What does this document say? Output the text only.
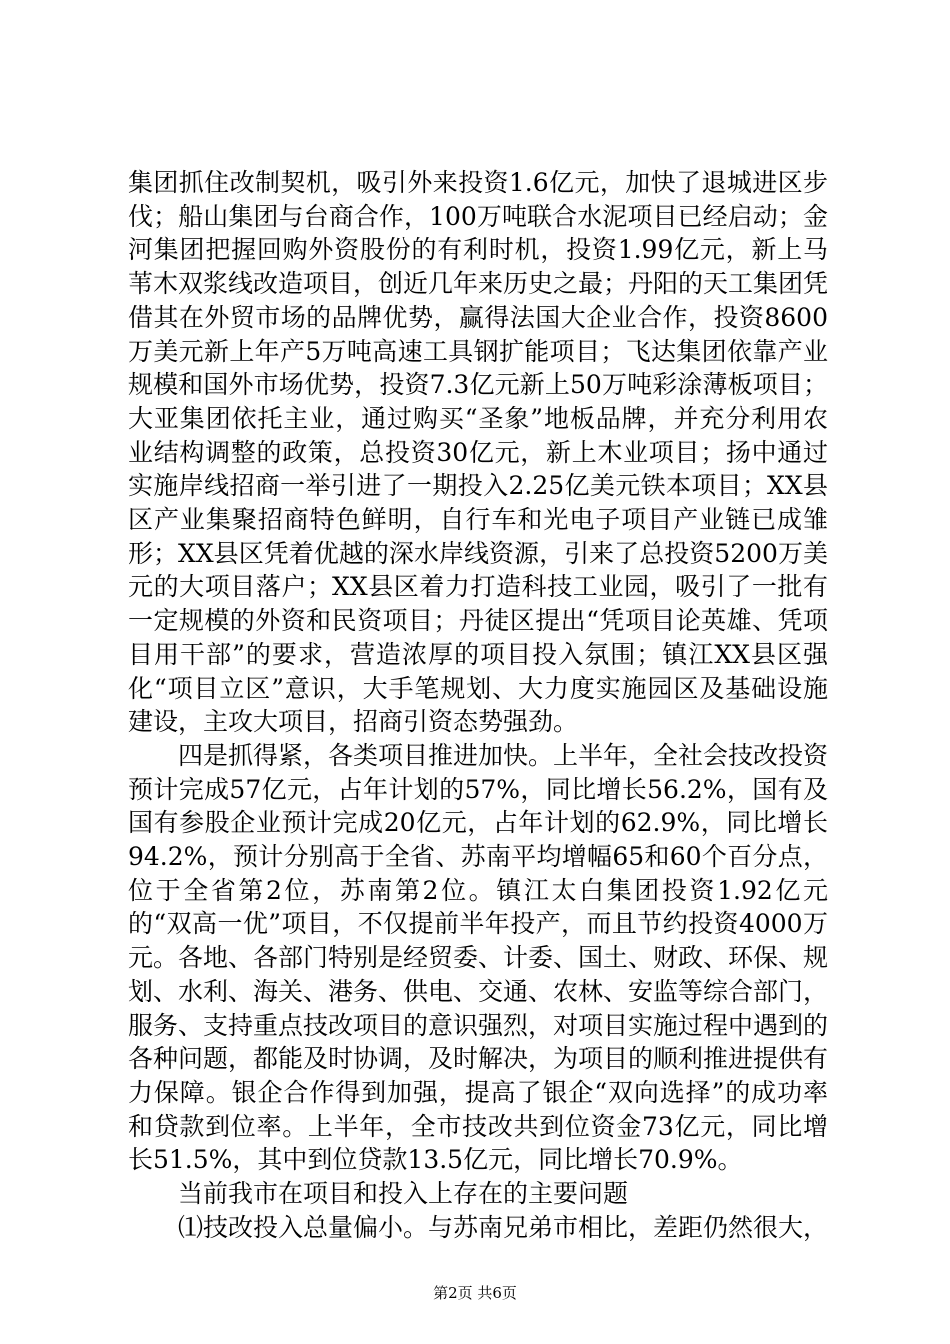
集团抓住改制契机，吸引外来投资1.6亿元，加快了退城进区步伐；船山集团与台商合作，100万吨联合水泥项目已经启动；金河集团把握回购外资股份的有利时机，投资1.99亿元，新上马苇木双浆线改造项目，创近几年来历史之最；丹阳的天工集团凭借其在外贸市场的品牌优势，赢得法国大企业合作，投资8600万美元新上年产5万吨高速工具钢扩能项目；飞达集团依靠产业规模和国外市场优势，投资7.3亿元新上50万吨彩涂薄板项目；大亚集团依托主业，通过购买“圣象”地板品牌，并充分利用农业结构调整的政策，总投资30亿元，新上木业项目；扬中通过实施岸线招商一举引进了一期投入2.25亿美元铁本项目；XX县区产业集聚招商特色鲜明，自行车和光电子项目产业链已成雏形；XX县区凭着优越的深水岸线资源，引来了总投资5200万美元的大项目落户；XX县区着力打造科技工业园，吸引了一批有一定规模的外资和民资项目；丹徒区提出“凭项目论英雄、凭项目用干部”的要求，营造浓厚的项目投入氛围；镇江XX县区强化“项目立区”意识，大手笔规划、大力度实施园区及基础设施建设，主攻大项目，招商引资态势强劲。

四是抓得紧，各类项目推进加快。上半年，全社会技改投资预计完成57亿元，占年计划的57%，同比增长56.2%，国有及国有参股企业预计完成20亿元，占年计划的62.9%，同比增长94.2%，预计分别高于全省、苏南平均增幅65和60个百分点，位于全省第2位，苏南第2位。镇江太白集团投资1.92亿元的“双高一优”项目，不仅提前半年投产，而且节约投资4000万元。各地、各部门特别是经贸委、计委、国土、财政、环保、规划、水利、海关、港务、供电、交通、农林、安监等综合部门，服务、支持重点技改项目的意识强烈，对项目实施过程中遇到的各种问题，都能及时协调，及时解决，为项目的顺利推进提供有力保障。银企合作得到加强，提高了银企“双向选择”的成功率和贷款到位率。上半年，全市技改共到位资金73亿元，同比增长51.5%，其中到位贷款13.5亿元，同比增长70.9%。

当前我市在项目和投入上存在的主要问题

⑴技改投入总量偏小。与苏南兄弟市相比，差距仍然很大，

第2页 共6页
